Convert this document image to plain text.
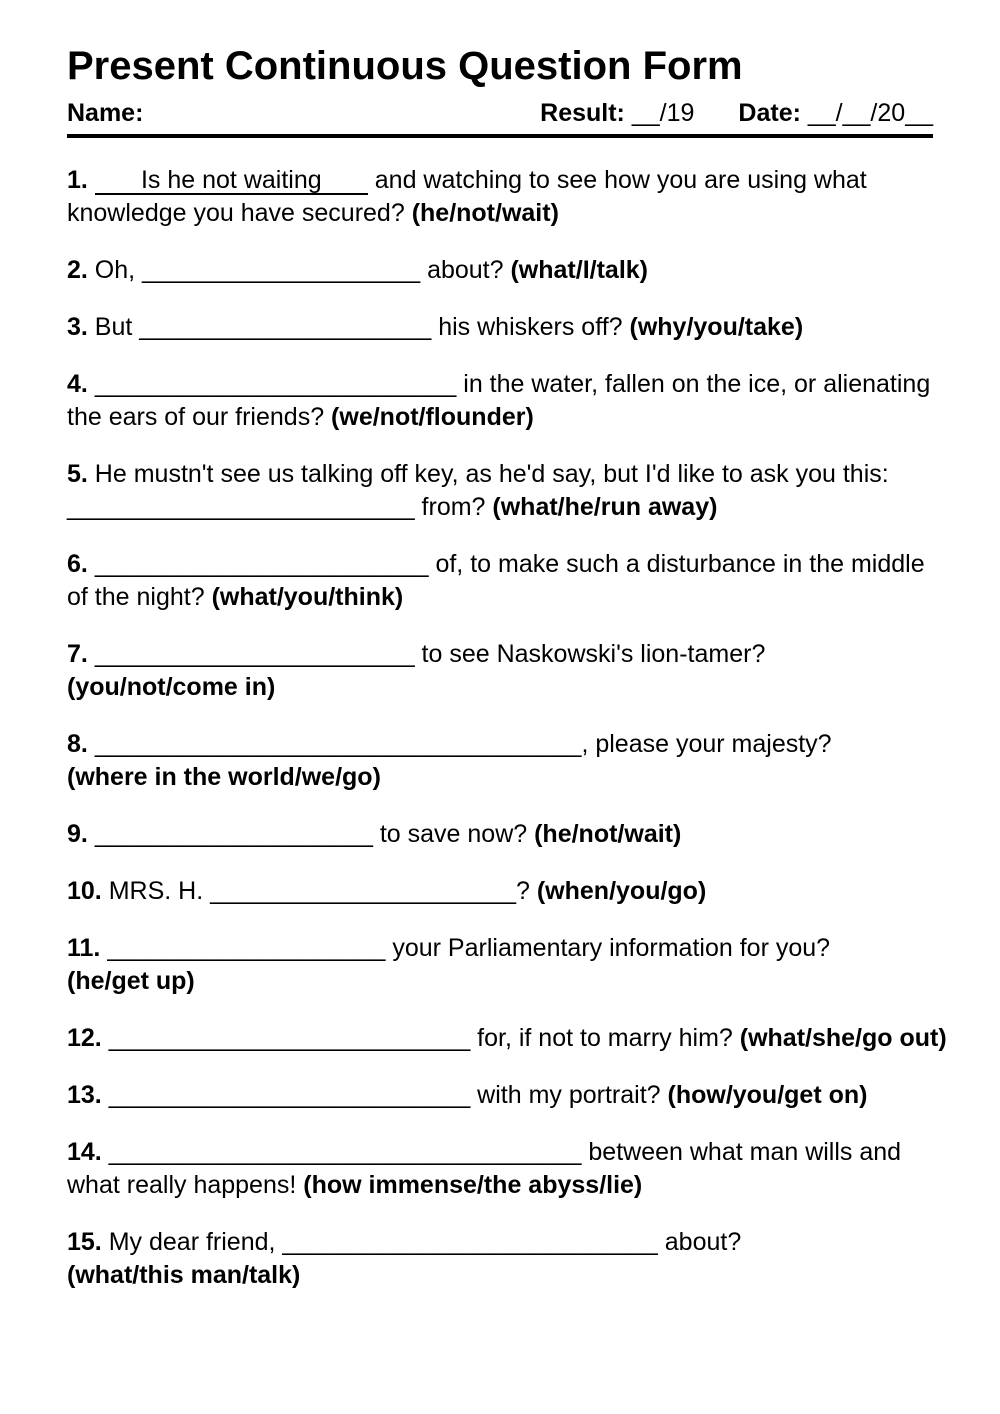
Present Continuous Question Form
Name:	Result: __/19 Date: __/__/20__
1. Is he not waiting and watching to see how you are using what
knowledge you have secured? (he/not/wait)
2. Oh, ____________________ about? (what/I/talk)
3. But _____________________ his whiskers off? (why/you/take)
4. __________________________ in the water, fallen on the ice, or alienating
the ears of our friends? (we/not/flounder)
5. He mustn't see us talking off key, as he'd say, but I'd like to ask you this:
_________________________ from? (what/he/run away)
6. ________________________ of, to make such a disturbance in the middle
of the night? (what/you/think)
7. _______________________ to see Naskowski's lion-tamer?
(you/not/come in)
8. ___________________________________, please your majesty?
(where in the world/we/go)
9. ____________________ to save now? (he/not/wait)
10. MRS. H. ______________________? (when/you/go)
11. ____________________ your Parliamentary information for you?
(he/get up)
12. __________________________ for, if not to marry him? (what/she/go out)
13. __________________________ with my portrait? (how/you/get on)
14. __________________________________ between what man wills and
what really happens! (how immense/the abyss/lie)
15. My dear friend, ___________________________ about?
(what/this man/talk)
